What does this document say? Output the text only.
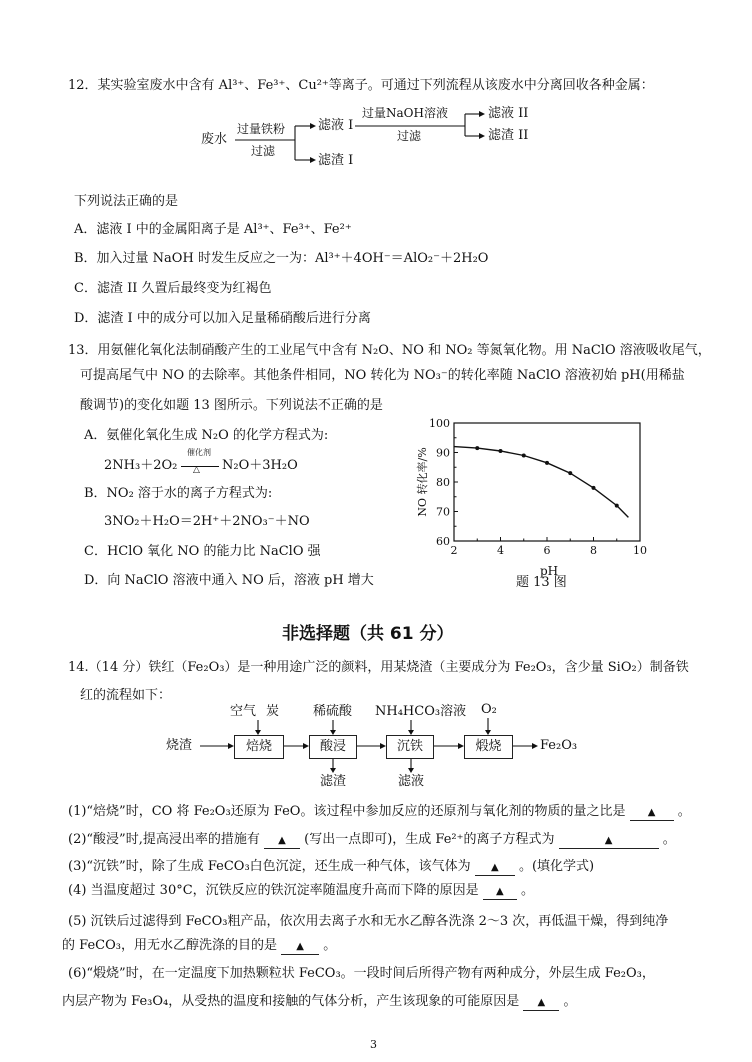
12．某实验室废水中含有 Al³⁺、Fe³⁺、Cu²⁺等离子。可通过下列流程从该废水中分离回收各种金属：
废水
过量铁粉
过滤
滤液 I
滤渣 I
过量NaOH溶液
过滤
滤液 II
滤渣 II
下列说法正确的是
A．滤液 I 中的金属阳离子是 Al³⁺、Fe³⁺、Fe²⁺
B．加入过量 NaOH 时发生反应之一为：Al³⁺＋4OH⁻＝AlO₂⁻＋2H₂O
C．滤渣 II 久置后最终变为红褐色
D．滤渣 I 中的成分可以加入足量稀硝酸后进行分离
13．用氨催化氧化法制硝酸产生的工业尾气中含有 N₂O、NO 和 NO₂ 等氮氧化物。用 NaClO 溶液吸收尾气，
可提高尾气中 NO 的去除率。其他条件相同，NO 转化为 NO₃⁻的转化率随 NaClO 溶液初始 pH(用稀盐
酸调节)的变化如题 13 图所示。下列说法不正确的是
A．氨催化氧化生成 N₂O 的化学方程式为:
2NH₃＋2O₂
催化剂
△ N₂O＋3H₂O
B．NO₂ 溶于水的离子方程式为:
3NO₂＋H₂O＝2H⁺＋2NO₃⁻＋NO
C．HClO 氧化 NO 的能力比 NaClO 强
D．向 NaClO 溶液中通入 NO 后，溶液 pH 增大
2	4	6	8	10
60
70
80
90
100
NO 转化率/%
pH
题 13 图
非选择题（共 61 分）
14.（14 分）铁红（Fe₂O₃）是一种用途广泛的颜料，用某烧渣（主要成分为 Fe₂O₃，含少量 SiO₂）制备铁
红的流程如下：
烧渣	焙烧	酸浸	沉铁	煅烧	Fe₂O₃
空气 炭	稀硫酸 NH₄HCO₃溶液 O₂
滤渣	滤液
(1)“焙烧”时，CO 将 Fe₂O₃还原为 FeO。该过程中参加反应的还原剂与氧化剂的物质的量之比是 ▲ 。
(2)“酸浸”时,提高浸出率的措施有 ▲ (写出一点即可)，生成 Fe²⁺的离子方程式为	▲	。
(3)“沉铁”时，除了生成 FeCO₃白色沉淀，还生成一种气体，该气体为 ▲ 。(填化学式)
(4) 当温度超过 30°C，沉铁反应的铁沉淀率随温度升高而下降的原因是 ▲ 。
(5) 沉铁后过滤得到 FeCO₃粗产品，依次用去离子水和无水乙醇各洗涤 2～3 次，再低温干燥，得到纯净
的 FeCO₃，用无水乙醇洗涤的目的是 ▲ 。
(6)“煅烧”时，在一定温度下加热颗粒状 FeCO₃。一段时间后所得产物有两种成分，外层生成 Fe₂O₃，
内层产物为 Fe₃O₄，从受热的温度和接触的气体分析，产生该现象的可能原因是 ▲ 。
3
